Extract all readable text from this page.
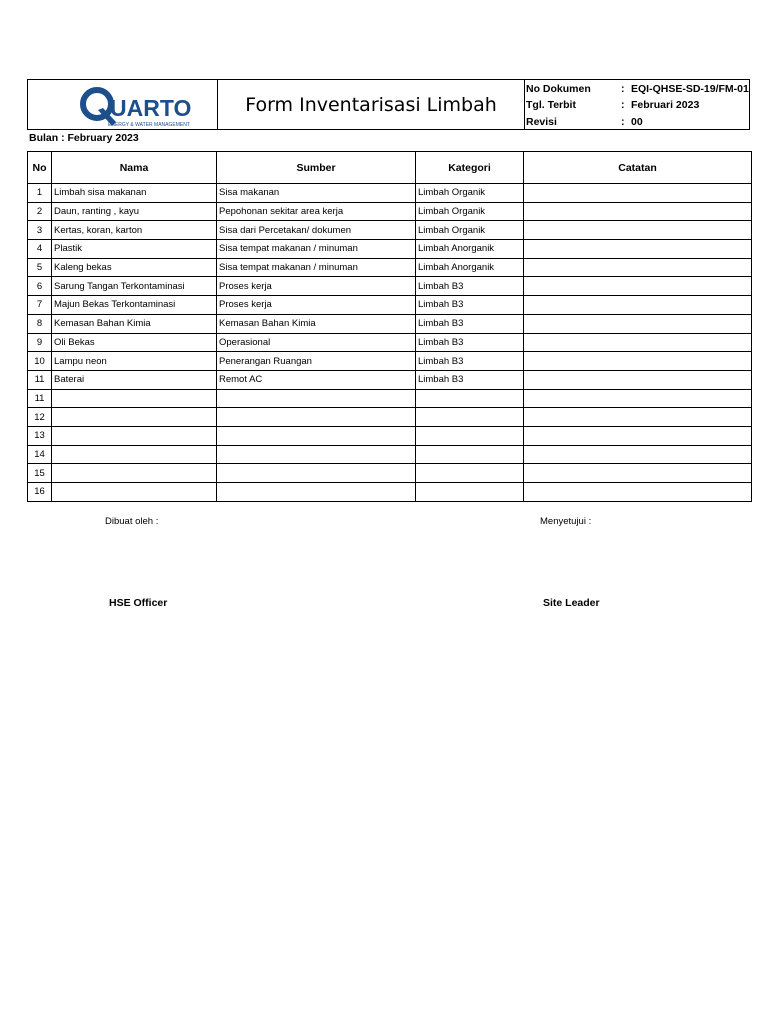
UARTO
ENERGY & WATER MANAGEMENT
Form Inventarisasi Limbah
No Dokumen	: EQI-QHSE-SD-19/FM-01
Tgl. Terbit	: Februari 2023
Revisi	: 00
Bulan : February 2023
No	Nama	Sumber	Kategori	Catatan
1	Limbah sisa makanan	Sisa makanan	Limbah Organik	
2	Daun, ranting , kayu	Pepohonan sekitar area kerja	Limbah Organik	
3	Kertas, koran, karton	Sisa dari Percetakan/ dokumen	Limbah Organik	
4	Plastik	Sisa tempat makanan / minuman	Limbah Anorganik	
5	Kaleng bekas	Sisa tempat makanan / minuman	Limbah Anorganik	
6	Sarung Tangan Terkontaminasi	Proses kerja	Limbah B3	
7	Majun Bekas Terkontaminasi	Proses kerja	Limbah B3	
8	Kemasan Bahan Kimia	Kemasan Bahan Kimia	Limbah B3	
9	Oli Bekas	Operasional	Limbah B3	
10	Lampu neon	Penerangan Ruangan	Limbah B3	
11	Baterai	Remot AC	Limbah B3	
11				
12				
13				
14				
15				
16				
Dibuat oleh :	Menyetujui :
HSE Officer	Site Leader
